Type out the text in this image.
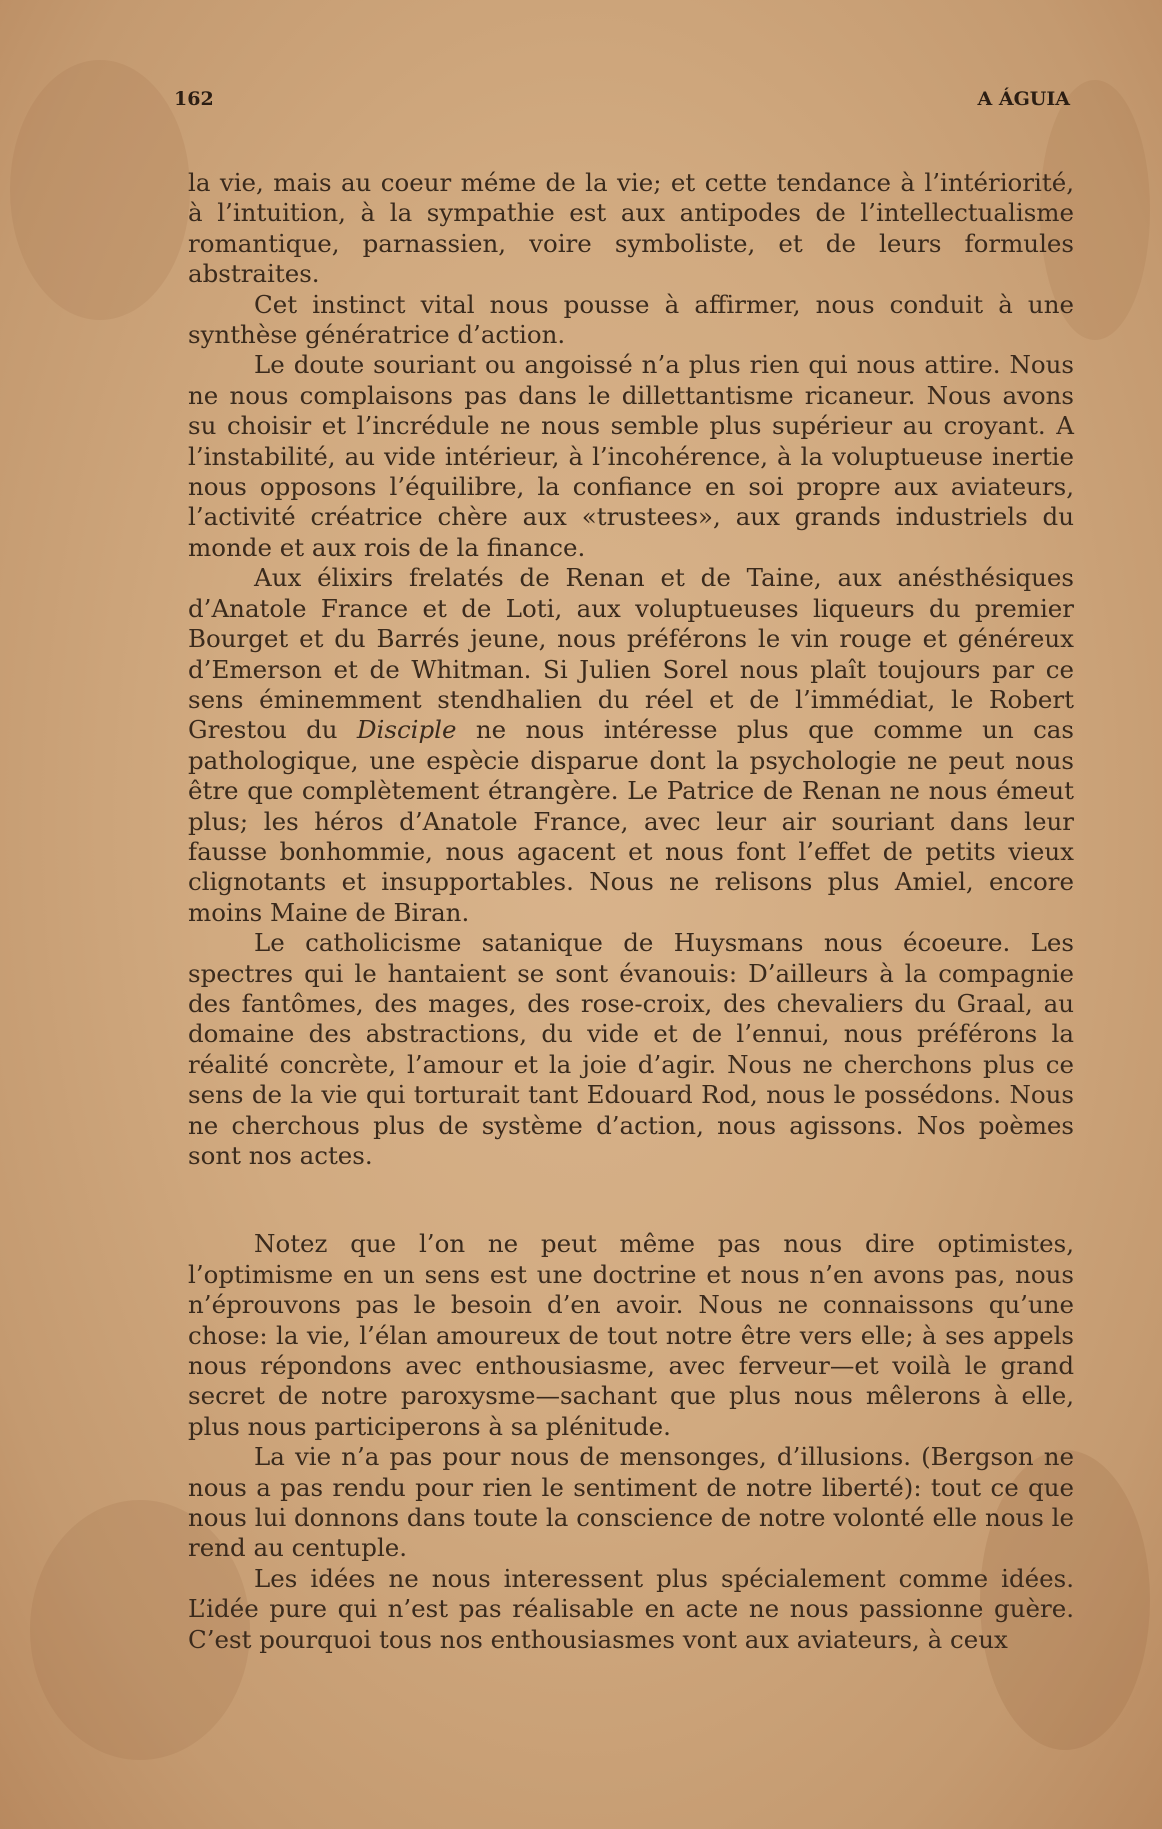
162	A ÁGUIA

la vie, mais au coeur méme de la vie; et cette tendance à l’intériorité, à l’intuition, à la sympathie est aux antipodes de l’intellectualisme romantique, parnassien, voire symboliste, et de leurs formules abstraites.

Cet instinct vital nous pousse à affirmer, nous conduit à une synthèse génératrice d’action.

Le doute souriant ou angoissé n’a plus rien qui nous attire. Nous ne nous complaisons pas dans le dillettantisme ricaneur. Nous avons su choisir et l’incrédule ne nous semble plus supérieur au croyant. A l’instabilité, au vide intérieur, à l’incohérence, à la voluptueuse inertie nous opposons l’équilibre, la confiance en soi propre aux aviateurs, l’activité créatrice chère aux «trustees», aux grands industriels du monde et aux rois de la finance.

Aux élixirs frelatés de Renan et de Taine, aux anésthésiques d’Anatole France et de Loti, aux voluptueuses liqueurs du premier Bourget et du Barrés jeune, nous préférons le vin rouge et généreux d’Emerson et de Whitman. Si Julien Sorel nous plaît toujours par ce sens éminemment stendhalien du réel et de l’immédiat, le Robert Grestou du Disciple ne nous intéresse plus que comme un cas pathologique, une espècie disparue dont la psychologie ne peut nous être que complètement étrangère. Le Patrice de Renan ne nous émeut plus; les héros d’Anatole France, avec leur air souriant dans leur fausse bonhommie, nous agacent et nous font l’effet de petits vieux clignotants et insupportables. Nous ne relisons plus Amiel, encore moins Maine de Biran.

Le catholicisme satanique de Huysmans nous écoeure. Les spectres qui le hantaient se sont évanouis: D’ailleurs à la compagnie des fantômes, des mages, des rose-croix, des chevaliers du Graal, au domaine des abstractions, du vide et de l’ennui, nous préférons la réalité concrète, l’amour et la joie d’agir. Nous ne cherchons plus ce sens de la vie qui torturait tant Edouard Rod, nous le possédons. Nous ne cherchous plus de système d’action, nous agissons. Nos poèmes sont nos actes.

Notez que l’on ne peut même pas nous dire optimistes, l’optimisme en un sens est une doctrine et nous n’en avons pas, nous n’éprouvons pas le besoin d’en avoir. Nous ne connaissons qu’une chose: la vie, l’élan amoureux de tout notre être vers elle; à ses appels nous répondons avec enthousiasme, avec ferveur—et voilà le grand secret de notre paroxysme—sachant que plus nous mêlerons à elle, plus nous participerons à sa plénitude.

La vie n’a pas pour nous de mensonges, d’illusions. (Bergson ne nous a pas rendu pour rien le sentiment de notre liberté): tout ce que nous lui donnons dans toute la conscience de notre volonté elle nous le rend au centuple.

Les idées ne nous interessent plus spécialement comme idées. L’idée pure qui n’est pas réalisable en acte ne nous passionne guère. C’est pourquoi tous nos enthousiasmes vont aux aviateurs, à ceux
